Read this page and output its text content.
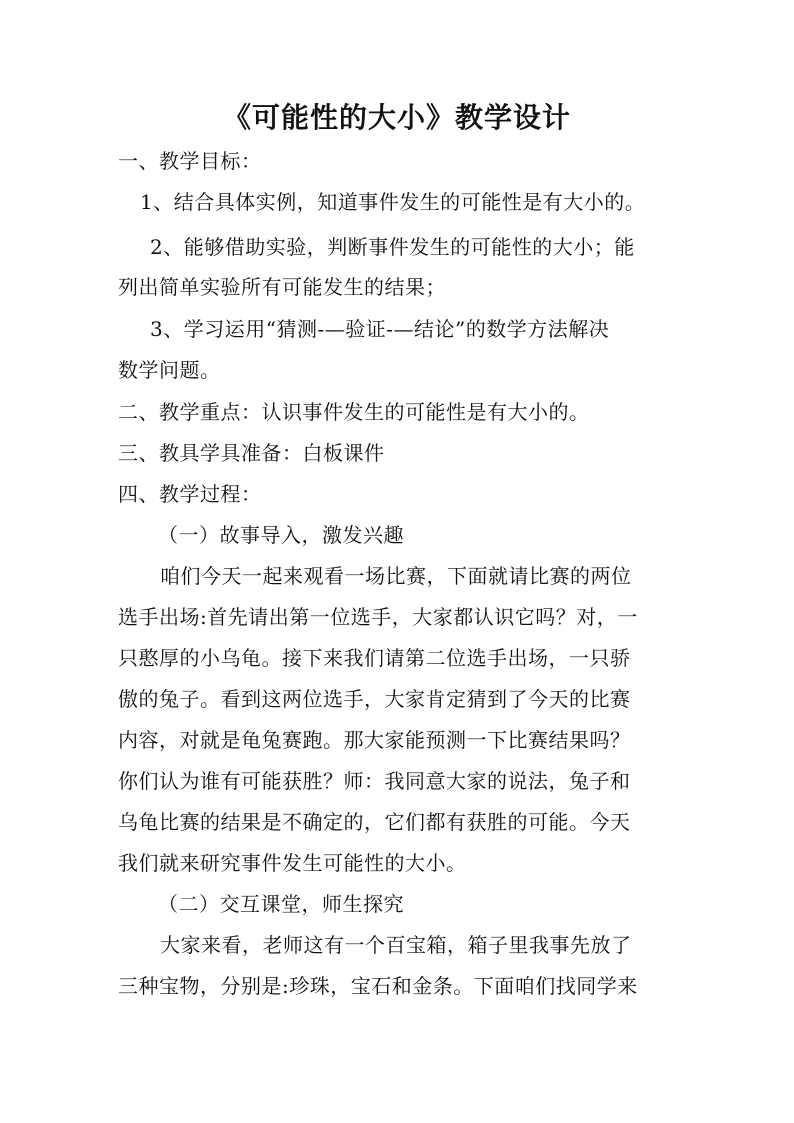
《可能性的大小》教学设计
一、教学目标：
1、结合具体实例，知道事件发生的可能性是有大小的。
2、能够借助实验，判断事件发生的可能性的大小；能
列出简单实验所有可能发生的结果；
3、学习运用“猜测-—验证-—结论”的数学方法解决
数学问题。
二、教学重点：认识事件发生的可能性是有大小的。
三、教具学具准备：白板课件
四、教学过程：
（一）故事导入，激发兴趣
咱们今天一起来观看一场比赛，下面就请比赛的两位
选手出场:首先请出第一位选手，大家都认识它吗？对，一
只憨厚的小乌龟。接下来我们请第二位选手出场，一只骄
傲的兔子。看到这两位选手，大家肯定猜到了今天的比赛
内容，对就是龟兔赛跑。那大家能预测一下比赛结果吗？
你们认为谁有可能获胜？师：我同意大家的说法，兔子和
乌龟比赛的结果是不确定的，它们都有获胜的可能。今天
我们就来研究事件发生可能性的大小。
（二）交互课堂，师生探究
大家来看，老师这有一个百宝箱，箱子里我事先放了
三种宝物，分别是:珍珠，宝石和金条。下面咱们找同学来
